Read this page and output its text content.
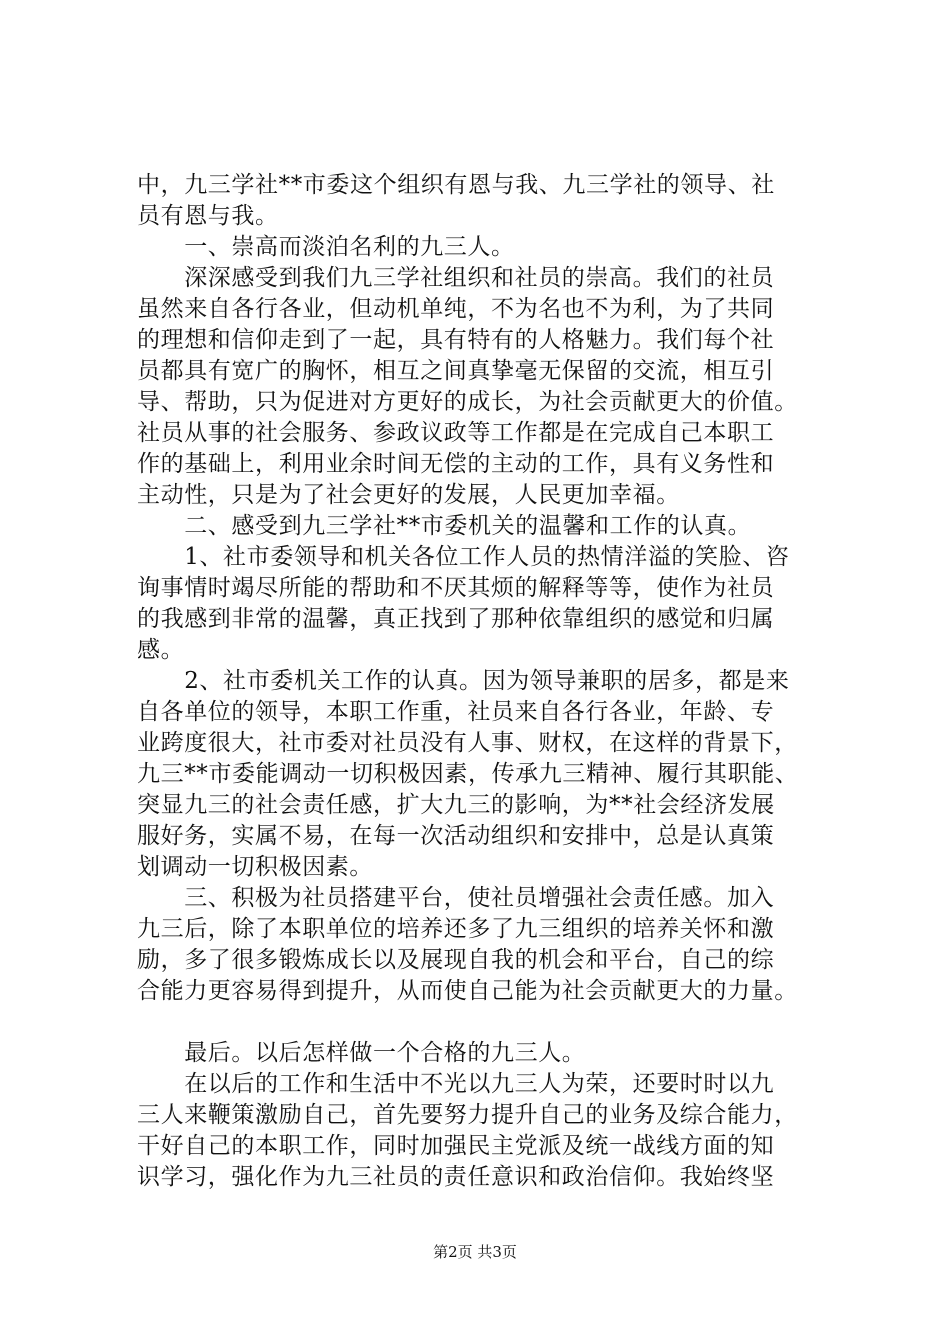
中，九三学社**市委这个组织有恩与我、九三学社的领导、社
员有恩与我。
　　一、崇高而淡泊名利的九三人。
　　深深感受到我们九三学社组织和社员的崇高。我们的社员
虽然来自各行各业，但动机单纯，不为名也不为利，为了共同
的理想和信仰走到了一起，具有特有的人格魅力。我们每个社
员都具有宽广的胸怀，相互之间真挚毫无保留的交流，相互引
导、帮助，只为促进对方更好的成长，为社会贡献更大的价值。
社员从事的社会服务、参政议政等工作都是在完成自己本职工
作的基础上，利用业余时间无偿的主动的工作，具有义务性和
主动性，只是为了社会更好的发展，人民更加幸福。
　　二、感受到九三学社**市委机关的温馨和工作的认真。
　　1、社市委领导和机关各位工作人员的热情洋溢的笑脸、咨
询事情时竭尽所能的帮助和不厌其烦的解释等等，使作为社员
的我感到非常的温馨，真正找到了那种依靠组织的感觉和归属
感。
　　2、社市委机关工作的认真。因为领导兼职的居多，都是来
自各单位的领导，本职工作重，社员来自各行各业，年龄、专
业跨度很大，社市委对社员没有人事、财权，在这样的背景下，
九三**市委能调动一切积极因素，传承九三精神、履行其职能、
突显九三的社会责任感，扩大九三的影响，为**社会经济发展
服好务，实属不易，在每一次活动组织和安排中，总是认真策
划调动一切积极因素。
　　三、积极为社员搭建平台，使社员增强社会责任感。加入
九三后，除了本职单位的培养还多了九三组织的培养关怀和激
励，多了很多锻炼成长以及展现自我的机会和平台，自己的综
合能力更容易得到提升，从而使自己能为社会贡献更大的力量。
　　最后。以后怎样做一个合格的九三人。
　　在以后的工作和生活中不光以九三人为荣，还要时时以九
三人来鞭策激励自己，首先要努力提升自己的业务及综合能力，
干好自己的本职工作，同时加强民主党派及统一战线方面的知
识学习，强化作为九三社员的责任意识和政治信仰。我始终坚
第2页 共3页
